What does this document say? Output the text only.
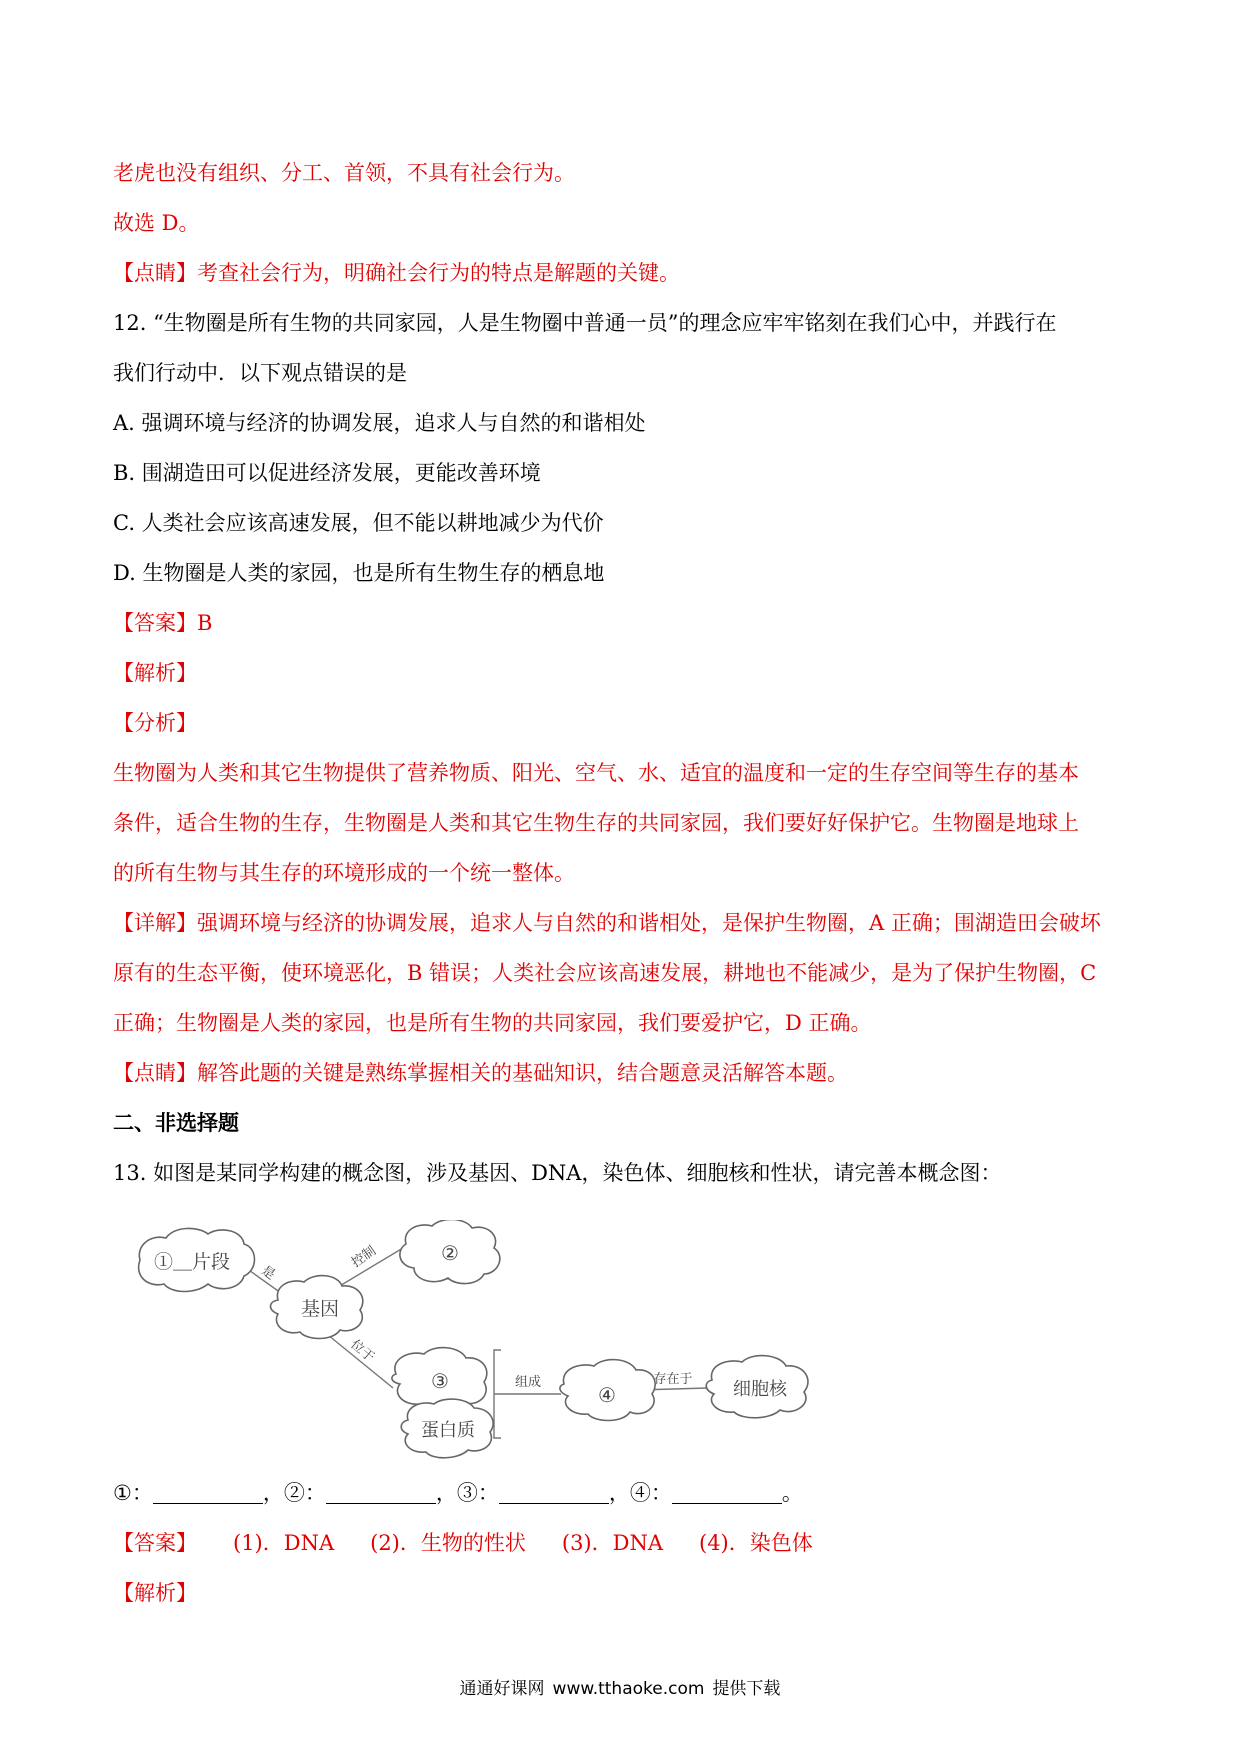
老虎也没有组织、分工、首领，不具有社会行为。
故选 D。
【点睛】考查社会行为，明确社会行为的特点是解题的关键。
12. “生物圈是所有生物的共同家园，人是生物圈中普通一员”的理念应牢牢铭刻在我们心中，并践行在
我们行动中．以下观点错误的是
A. 强调环境与经济的协调发展，追求人与自然的和谐相处
B. 围湖造田可以促进经济发展，更能改善环境
C. 人类社会应该高速发展，但不能以耕地减少为代价
D. 生物圈是人类的家园，也是所有生物生存的栖息地
【答案】B
【解析】
【分析】
生物圈为人类和其它生物提供了营养物质、阳光、空气、水、适宜的温度和一定的生存空间等生存的基本
条件，适合生物的生存，生物圈是人类和其它生物生存的共同家园，我们要好好保护它。生物圈是地球上
的所有生物与其生存的环境形成的一个统一整体。
【详解】强调环境与经济的协调发展，追求人与自然的和谐相处，是保护生物圈，A 正确；围湖造田会破坏
原有的生态平衡，使环境恶化，B 错误；人类社会应该高速发展，耕地也不能减少，是为了保护生物圈，C
正确；生物圈是人类的家园，也是所有生物的共同家园，我们要爱护它，D 正确。
【点睛】解答此题的关键是熟练掌握相关的基础知识，结合题意灵活解答本题。
二、非选择题
13. 如图是某同学构建的概念图，涉及基因、DNA，染色体、细胞核和性状，请完善本概念图：
①＿片段	②
基因
③
蛋白质
④	细胞核
是
控制
位于
组成	存在于
①：	，②：	，③：	，④：	。
【答案】 (1)．DNA (2)．生物的性状 (3)．DNA (4)．染色体
【解析】
通通好课网 www.tthaoke.com 提供下载
